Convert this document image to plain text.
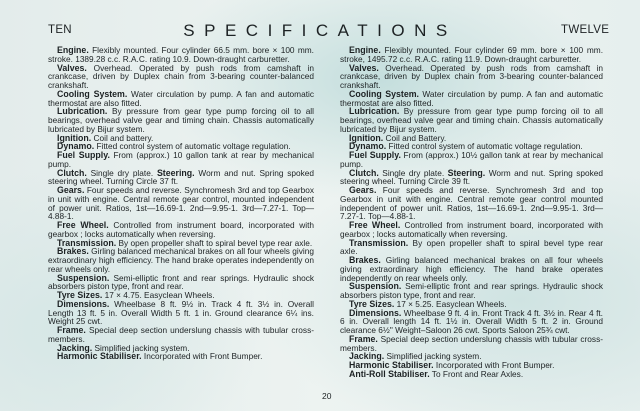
TEN	SPECIFICATIONS	TWELVE

Engine. Flexibly mounted. Four cylinder 66.5 mm. bore × 100 mm. stroke. 1389.28 c.c. R.A.C. rating 10.9. Down-draught carburetter.

Valves. Overhead. Operated by push rods from camshaft in crankcase, driven by Duplex chain from 3-bearing counter-balanced crankshaft.

Cooling System. Water circulation by pump. A fan and automatic thermostat are also fitted.

Lubrication. By pressure from gear type pump forcing oil to all bearings, overhead valve gear and timing chain. Chassis automatically lubricated by Bijur system.

Ignition. Coil and battery.

Dynamo. Fitted control system of automatic voltage regulation.

Fuel Supply. From (approx.) 10 gallon tank at rear by mechanical pump.

Clutch. Single dry plate. Steering. Worm and nut. Spring spoked steering wheel. Turning Circle 37 ft.

Gears. Four speeds and reverse. Synchromesh 3rd and top Gearbox in unit with engine. Central remote gear control, mounted independent of power unit. Ratios, 1st—16.69-1. 2nd—9.95-1. 3rd—7.27-1. Top—4.88-1.

Free Wheel. Controlled from instrument board, incorporated with gearbox ; locks automatically when reversing.

Transmission. By open propeller shaft to spiral bevel type rear axle.

Brakes. Girling balanced mechanical brakes on all four wheels giving extraordinary high efficiency. The hand brake operates independently on rear wheels only.

Suspension. Semi-elliptic front and rear springs. Hydraulic shock absorbers piston type, front and rear.

Tyre Sizes. 17 × 4.75. Easyclean Wheels.

Dimensions. Wheelbase 8 ft. 9½ in. Track 4 ft. 3½ in. Overall Length 13 ft. 5 in. Overall Width 5 ft. 1 in. Ground clearance 6¼ ins. Weight 25 cwt.

Frame. Special deep section underslung chassis with tubular cross-members.

Jacking. Simplified jacking system.

Harmonic Stabiliser. Incorporated with Front Bumper.

Engine. Flexibly mounted. Four cylinder 69 mm. bore × 100 mm. stroke, 1495.72 c.c. R.A.C. rating 11.9. Down-draught carburetter.

Valves. Overhead. Operated by push rods from camshaft in crankcase, driven by Duplex chain from 3-bearing counter-balanced crankshaft.

Cooling System. Water circulation by pump. A fan and automatic thermostat are also fitted.

Lubrication. By pressure from gear type pump forcing oil to all bearings, overhead valve gear and timing chain. Chassis automatically lubricated by Bijur system.

Ignition. Coil and Battery.

Dynamo. Fitted control system of automatic voltage regulation.

Fuel Supply. From (approx.) 10½ gallon tank at rear by mechanical pump.

Clutch. Single dry plate. Steering. Worm and nut. Spring spoked steering wheel. Turning Circle 39 ft.

Gears. Four speeds and reverse. Synchromesh 3rd and top Gearbox in unit with engine. Central remote gear control mounted independent of power unit. Ratios, 1st—16.69-1. 2nd—9.95-1. 3rd—7.27-1. Top—4.88-1.

Free Wheel. Controlled from instrument board, incorporated with gearbox ; locks automatically when reversing.

Transmission. By open propeller shaft to spiral bevel type rear axle.

Brakes. Girling balanced mechanical brakes on all four wheels giving extraordinary high efficiency. The hand brake operates independently on rear wheels only.

Suspension. Semi-elliptic front and rear springs. Hydraulic shock absorbers piston type, front and rear.

Tyre Sizes. 17 × 5.25. Easyclean Wheels.

Dimensions. Wheelbase 9 ft. 4 in. Front Track 4 ft. 3½ in. Rear 4 ft. 6 in. Overall length 14 ft. 1½ in. Overall Width 5 ft. 2 in. Ground clearance 6½" Weight–Saloon 26 cwt. Sports Saloon 25¾ cwt.

Frame. Special deep section underslung chassis with tubular cross-members.

Jacking. Simplified jacking system.

Harmonic Stabiliser. Incorporated with Front Bumper.

Anti-Roll Stabiliser. To Front and Rear Axles.

20
